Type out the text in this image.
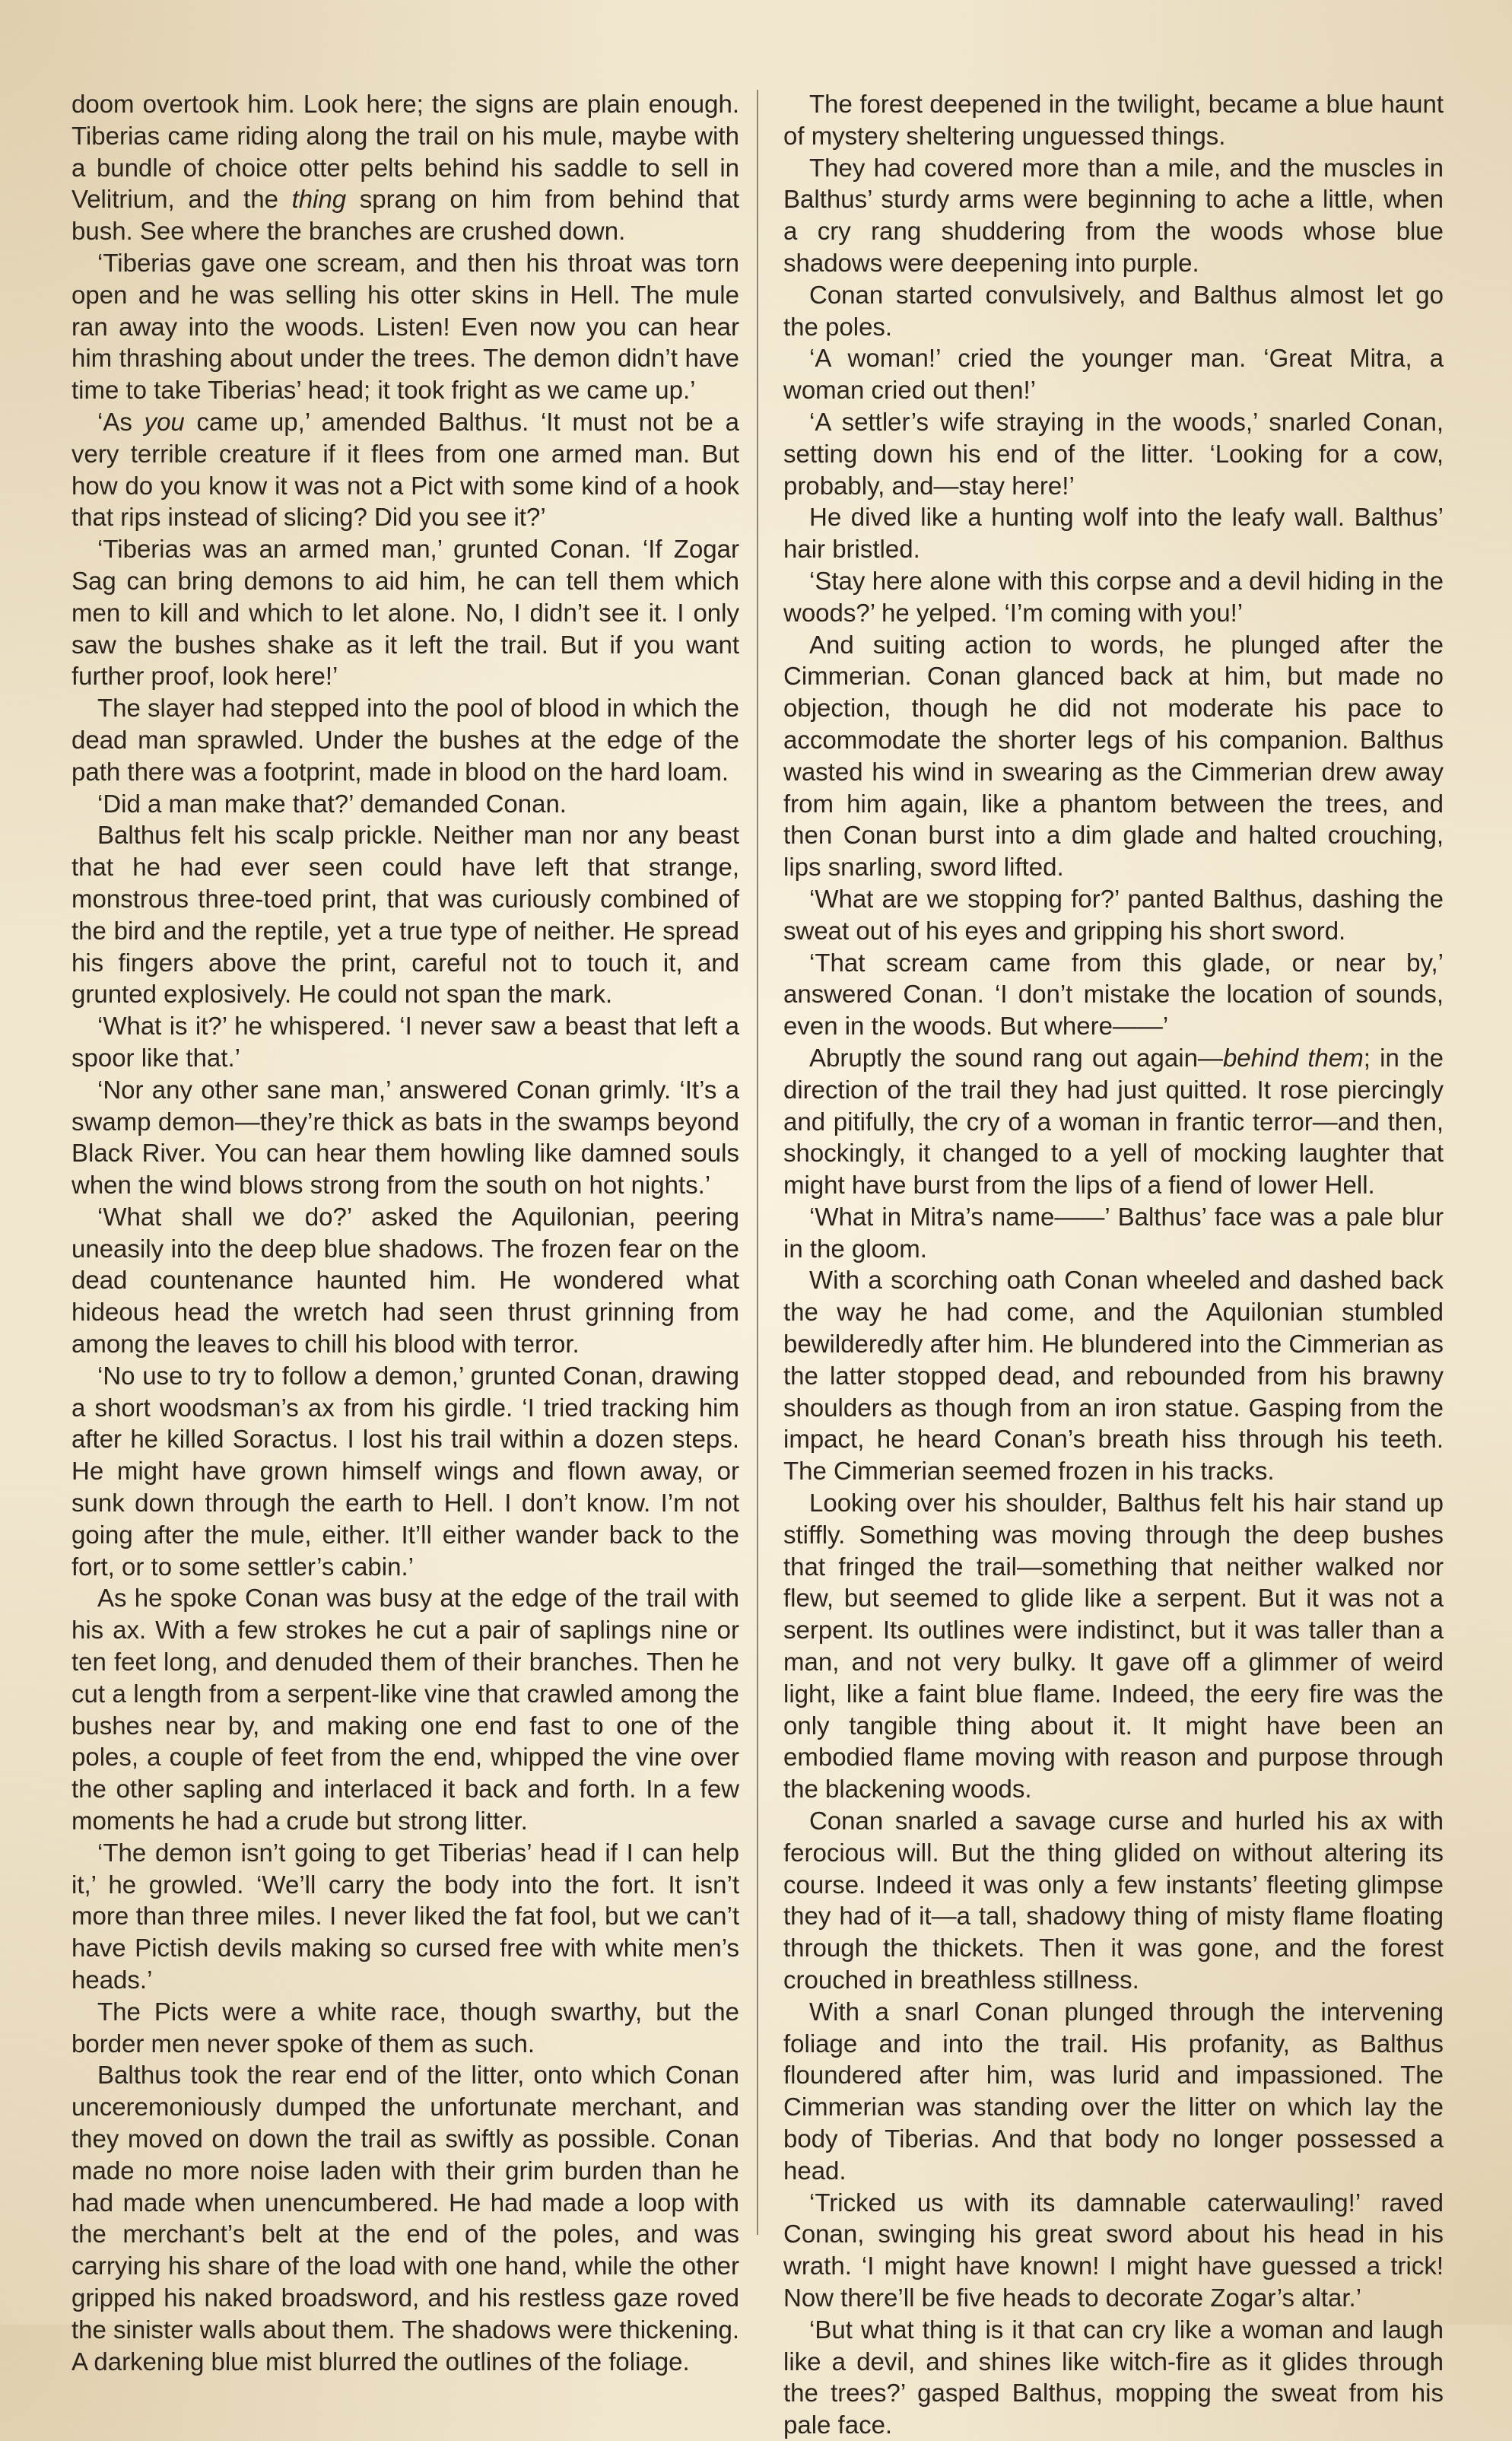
doom overtook him. Look here; the signs are plain enough. Tiberias came riding along the trail on his mule, maybe with a bundle of choice otter pelts behind his saddle to sell in Velitrium, and the thing sprang on him from behind that bush. See where the branches are crushed down.

‘Tiberias gave one scream, and then his throat was torn open and he was selling his otter skins in Hell. The mule ran away into the woods. Listen! Even now you can hear him thrashing about under the trees. The demon didn’t have time to take Tiberias’ head; it took fright as we came up.’

‘As you came up,’ amended Balthus. ‘It must not be a very terrible creature if it flees from one armed man. But how do you know it was not a Pict with some kind of a hook that rips instead of slicing? Did you see it?’

‘Tiberias was an armed man,’ grunted Conan. ‘If Zogar Sag can bring demons to aid him, he can tell them which men to kill and which to let alone. No, I didn’t see it. I only saw the bushes shake as it left the trail. But if you want further proof, look here!’

The slayer had stepped into the pool of blood in which the dead man sprawled. Under the bushes at the edge of the path there was a footprint, made in blood on the hard loam.

‘Did a man make that?’ demanded Conan.

Balthus felt his scalp prickle. Neither man nor any beast that he had ever seen could have left that strange, monstrous three-toed print, that was curiously combined of the bird and the reptile, yet a true type of neither. He spread his fingers above the print, careful not to touch it, and grunted explosively. He could not span the mark.

‘What is it?’ he whispered. ‘I never saw a beast that left a spoor like that.’

‘Nor any other sane man,’ answered Conan grimly. ‘It’s a swamp demon—they’re thick as bats in the swamps beyond Black River. You can hear them howling like damned souls when the wind blows strong from the south on hot nights.’

‘What shall we do?’ asked the Aquilonian, peering uneasily into the deep blue shadows. The frozen fear on the dead countenance haunted him. He wondered what hideous head the wretch had seen thrust grinning from among the leaves to chill his blood with terror.

‘No use to try to follow a demon,’ grunted Conan, drawing a short woodsman’s ax from his girdle. ‘I tried tracking him after he killed Soractus. I lost his trail within a dozen steps. He might have grown himself wings and flown away, or sunk down through the earth to Hell. I don’t know. I’m not going after the mule, either. It’ll either wander back to the fort, or to some settler’s cabin.’

As he spoke Conan was busy at the edge of the trail with his ax. With a few strokes he cut a pair of saplings nine or ten feet long, and denuded them of their branches. Then he cut a length from a serpent-like vine that crawled among the bushes near by, and making one end fast to one of the poles, a couple of feet from the end, whipped the vine over the other sapling and interlaced it back and forth. In a few moments he had a crude but strong litter.

‘The demon isn’t going to get Tiberias’ head if I can help it,’ he growled. ‘We’ll carry the body into the fort. It isn’t more than three miles. I never liked the fat fool, but we can’t have Pictish devils making so cursed free with white men’s heads.’

The Picts were a white race, though swarthy, but the border men never spoke of them as such.

Balthus took the rear end of the litter, onto which Conan unceremoniously dumped the unfortunate merchant, and they moved on down the trail as swiftly as possible. Conan made no more noise laden with their grim burden than he had made when unencumbered. He had made a loop with the merchant’s belt at the end of the poles, and was carrying his share of the load with one hand, while the other gripped his naked broadsword, and his restless gaze roved the sinister walls about them. The shadows were thickening. A darkening blue mist blurred the outlines of the foliage.

The forest deepened in the twilight, became a blue haunt of mystery sheltering unguessed things.

They had covered more than a mile, and the muscles in Balthus’ sturdy arms were beginning to ache a little, when a cry rang shuddering from the woods whose blue shadows were deepening into purple.

Conan started convulsively, and Balthus almost let go the poles.

‘A woman!’ cried the younger man. ‘Great Mitra, a woman cried out then!’

‘A settler’s wife straying in the woods,’ snarled Conan, setting down his end of the litter. ‘Looking for a cow, probably, and—stay here!’

He dived like a hunting wolf into the leafy wall. Balthus’ hair bristled.

‘Stay here alone with this corpse and a devil hiding in the woods?’ he yelped. ‘I’m coming with you!’

And suiting action to words, he plunged after the Cimmerian. Conan glanced back at him, but made no objection, though he did not moderate his pace to accommodate the shorter legs of his companion. Balthus wasted his wind in swearing as the Cimmerian drew away from him again, like a phantom between the trees, and then Conan burst into a dim glade and halted crouching, lips snarling, sword lifted.

‘What are we stopping for?’ panted Balthus, dashing the sweat out of his eyes and gripping his short sword.

‘That scream came from this glade, or near by,’ answered Conan. ‘I don’t mistake the location of sounds, even in the woods. But where——’

Abruptly the sound rang out again—behind them; in the direction of the trail they had just quitted. It rose piercingly and pitifully, the cry of a woman in frantic terror—and then, shockingly, it changed to a yell of mocking laughter that might have burst from the lips of a fiend of lower Hell.

‘What in Mitra’s name——’ Balthus’ face was a pale blur in the gloom.

With a scorching oath Conan wheeled and dashed back the way he had come, and the Aquilonian stumbled bewilderedly after him. He blundered into the Cimmerian as the latter stopped dead, and rebounded from his brawny shoulders as though from an iron statue. Gasping from the impact, he heard Conan’s breath hiss through his teeth. The Cimmerian seemed frozen in his tracks.

Looking over his shoulder, Balthus felt his hair stand up stiffly. Something was moving through the deep bushes that fringed the trail—something that neither walked nor flew, but seemed to glide like a serpent. But it was not a serpent. Its outlines were indistinct, but it was taller than a man, and not very bulky. It gave off a glimmer of weird light, like a faint blue flame. Indeed, the eery fire was the only tangible thing about it. It might have been an embodied flame moving with reason and purpose through the blackening woods.

Conan snarled a savage curse and hurled his ax with ferocious will. But the thing glided on without altering its course. Indeed it was only a few instants’ fleeting glimpse they had of it—a tall, shadowy thing of misty flame floating through the thickets. Then it was gone, and the forest crouched in breathless stillness.

With a snarl Conan plunged through the intervening foliage and into the trail. His profanity, as Balthus floundered after him, was lurid and impassioned. The Cimmerian was standing over the litter on which lay the body of Tiberias. And that body no longer possessed a head.

‘Tricked us with its damnable caterwauling!’ raved Conan, swinging his great sword about his head in his wrath. ‘I might have known! I might have guessed a trick! Now there’ll be five heads to decorate Zogar’s altar.’

‘But what thing is it that can cry like a woman and laugh like a devil, and shines like witch-fire as it glides through the trees?’ gasped Balthus, mopping the sweat from his pale face.
